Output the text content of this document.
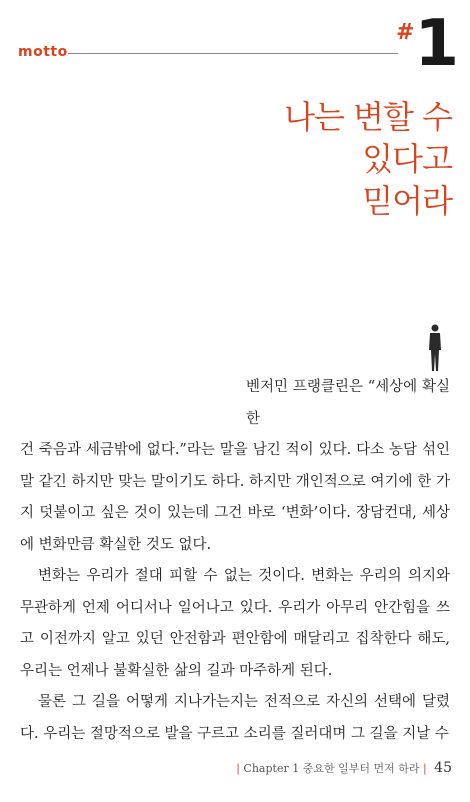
motto
#1
나는 변할 수
있다고
믿어라

벤저민 프랭클린은 “세상에 확실한
건 죽음과 세금밖에 없다.”라는 말을 남긴 적이 있다. 다소 농담 섞인 말 같긴 하지만 맞는 말이기도 하다. 하지만 개인적으로 여기에 한 가지 덧붙이고 싶은 것이 있는데 그건 바로 ‘변화’이다. 장담컨대, 세상에 변화만큼 확실한 것도 없다.

변화는 우리가 절대 피할 수 없는 것이다. 변화는 우리의 의지와 무관하게 언제 어디서나 일어나고 있다. 우리가 아무리 안간힘을 쓰고 이전까지 알고 있던 안전함과 편안함에 매달리고 집착한다 해도, 우리는 언제나 불확실한 삶의 길과 마주하게 된다.

물론 그 길을 어떻게 지나가는지는 전적으로 자신의 선택에 달렸다. 우리는 절망적으로 발을 구르고 소리를 질러대며 그 길을 지날 수

| Chapter 1 중요한 일부터 먼저 하라 | 45
